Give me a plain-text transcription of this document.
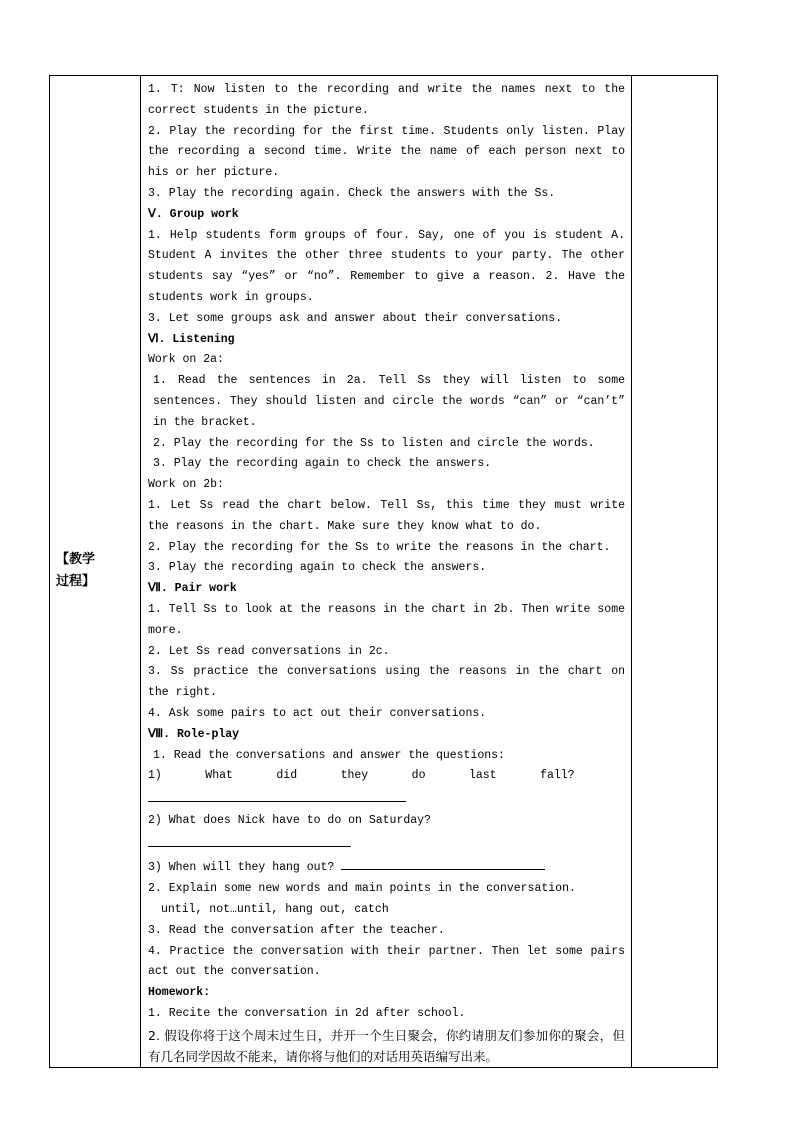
【教学
过程】

1. T: Now listen to the recording and write the names next to the correct students in the picture.

2. Play the recording for the first time. Students only listen. Play the recording a second time. Write the name of each person next to his or her picture.

3. Play the recording again. Check the answers with the Ss.

Ⅴ. Group work

1. Help students form groups of four. Say, one of you is student A. Student A invites the other three students to your party. The other students say “yes” or “no”. Remember to give a reason. 2. Have the students work in groups.

3. Let some groups ask and answer about their conversations.

Ⅵ. Listening

Work on 2a:

1. Read the sentences in 2a. Tell Ss they will listen to some sentences. They should listen and circle the words “can” or “can’t” in the bracket.

2. Play the recording for the Ss to listen and circle the words.

3. Play the recording again to check the answers.

Work on 2b:

1. Let Ss read the chart below. Tell Ss, this time they must write the reasons in the chart. Make sure they know what to do.

2. Play the recording for the Ss to write the reasons in the chart.

3. Play the recording again to check the answers.

Ⅶ. Pair work

1. Tell Ss to look at the reasons in the chart in 2b. Then write some more.

2. Let Ss read conversations in 2c.

3. Ss practice the conversations using the reasons in the chart on the right.

4. Ask some pairs to act out their conversations.

Ⅷ. Role-play

1. Read the conversations and answer the questions:

1) What did they do last fall?

2) What does Nick have to do on Saturday?

3) When will they hang out?

2. Explain some new words and main points in the conversation.

until, not…until, hang out, catch

3. Read the conversation after the teacher.

4. Practice the conversation with their partner. Then let some pairs act out the conversation.

Homework:

1. Recite the conversation in 2d after school.

2. 假设你将于这个周末过生日，并开一个生日聚会，你约请朋友们参加你的聚会，但有几名同学因故不能来，请你将与他们的对话用英语编写出来。
